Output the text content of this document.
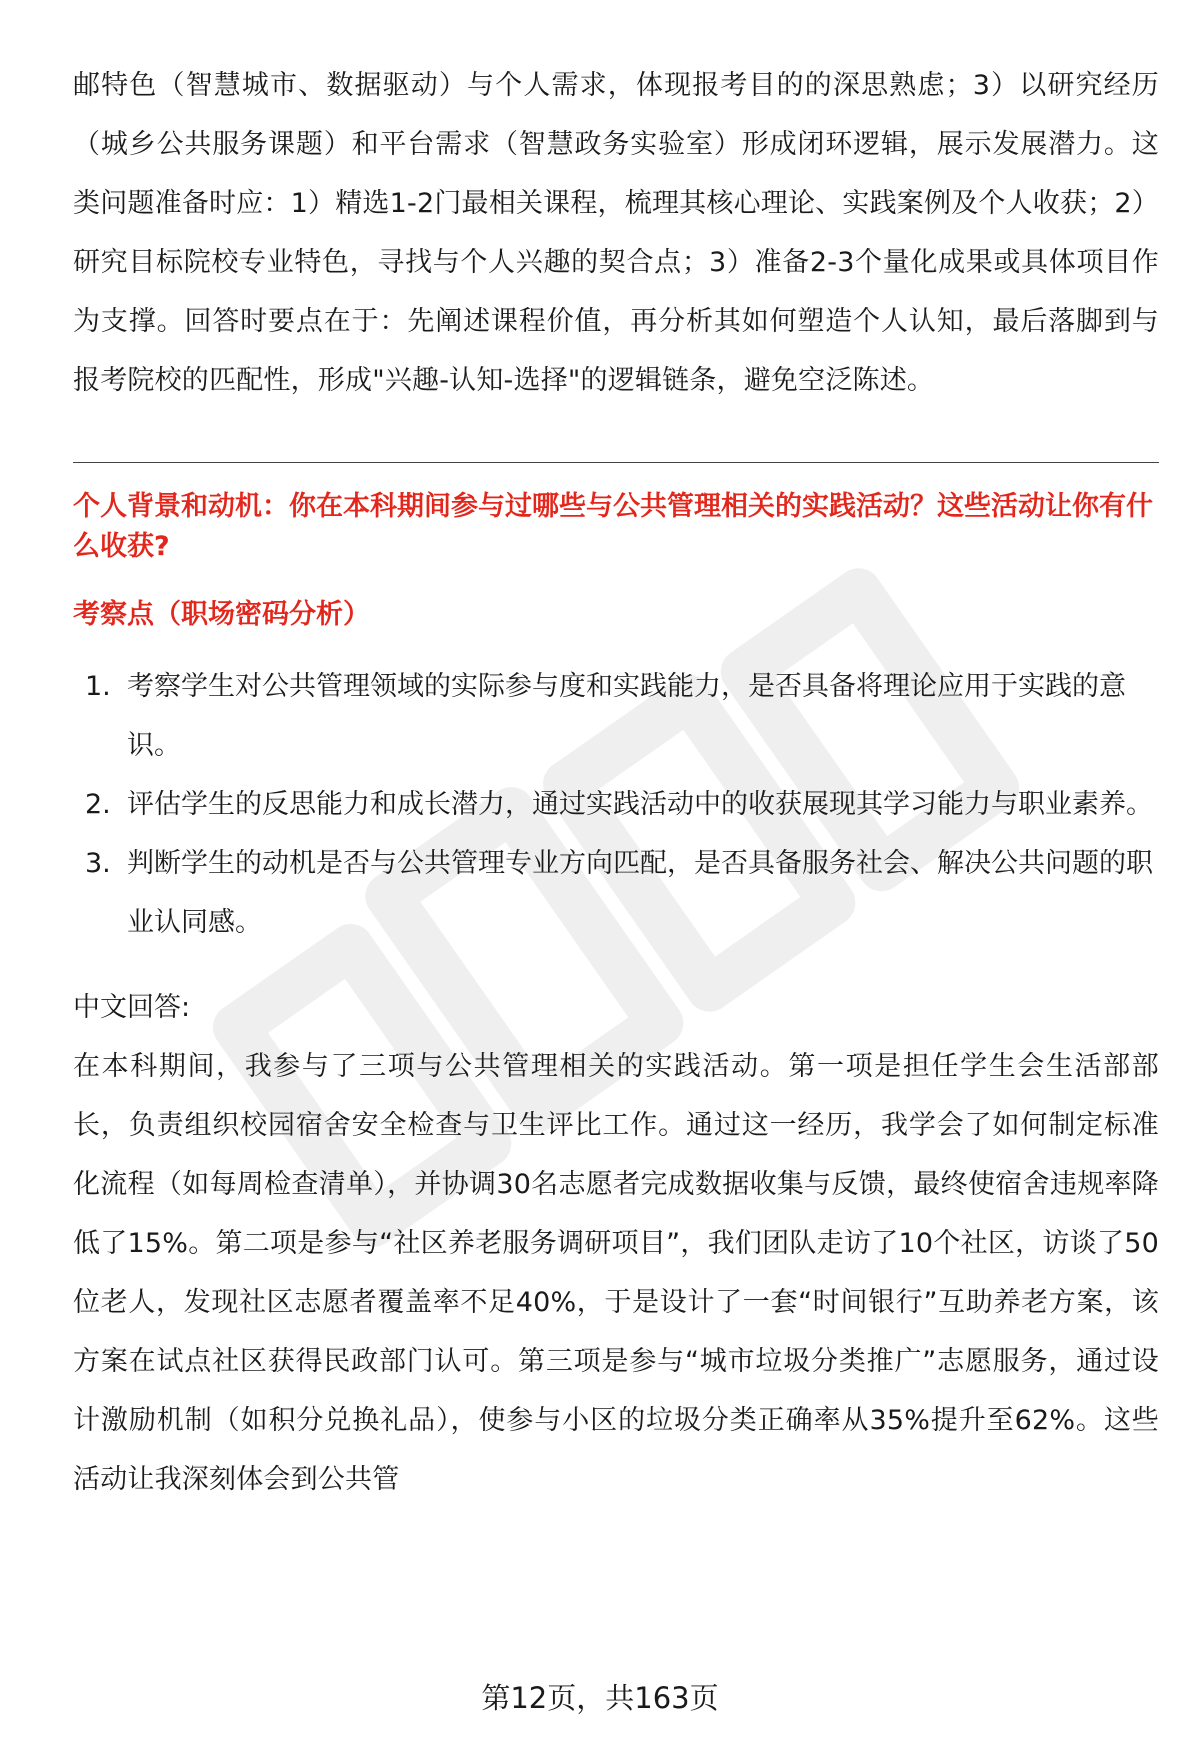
邮特色（智慧城市、数据驱动）与个人需求，体现报考目的的深思熟虑；3）以研究经历（城乡公共服务课题）和平台需求（智慧政务实验室）形成闭环逻辑，展示发展潜力。这类问题准备时应：1）精选1-2门最相关课程，梳理其核心理论、实践案例及个人收获；2）研究目标院校专业特色，寻找与个人兴趣的契合点；3）准备2-3个量化成果或具体项目作为支撑。回答时要点在于：先阐述课程价值，再分析其如何塑造个人认知，最后落脚到与报考院校的匹配性，形成"兴趣-认知-选择"的逻辑链条，避免空泛陈述。

个人背景和动机：你在本科期间参与过哪些与公共管理相关的实践活动？这些活动让你有什么收获?

考察点（职场密码分析）

1. 考察学生对公共管理领域的实际参与度和实践能力，是否具备将理论应用于实践的意识。
2. 评估学生的反思能力和成长潜力，通过实践活动中的收获展现其学习能力与职业素养。
3. 判断学生的动机是否与公共管理专业方向匹配，是否具备服务社会、解决公共问题的职业认同感。

中文回答:

在本科期间，我参与了三项与公共管理相关的实践活动。第一项是担任学生会生活部部长，负责组织校园宿舍安全检查与卫生评比工作。通过这一经历，我学会了如何制定标准化流程（如每周检查清单），并协调30名志愿者完成数据收集与反馈，最终使宿舍违规率降低了15%。第二项是参与“社区养老服务调研项目”，我们团队走访了10个社区，访谈了50位老人，发现社区志愿者覆盖率不足40%，于是设计了一套“时间银行”互助养老方案，该方案在试点社区获得民政部门认可。第三项是参与“城市垃圾分类推广”志愿服务，通过设计激励机制（如积分兑换礼品），使参与小区的垃圾分类正确率从35%提升至62%。这些活动让我深刻体会到公共管

第12页，共163页
